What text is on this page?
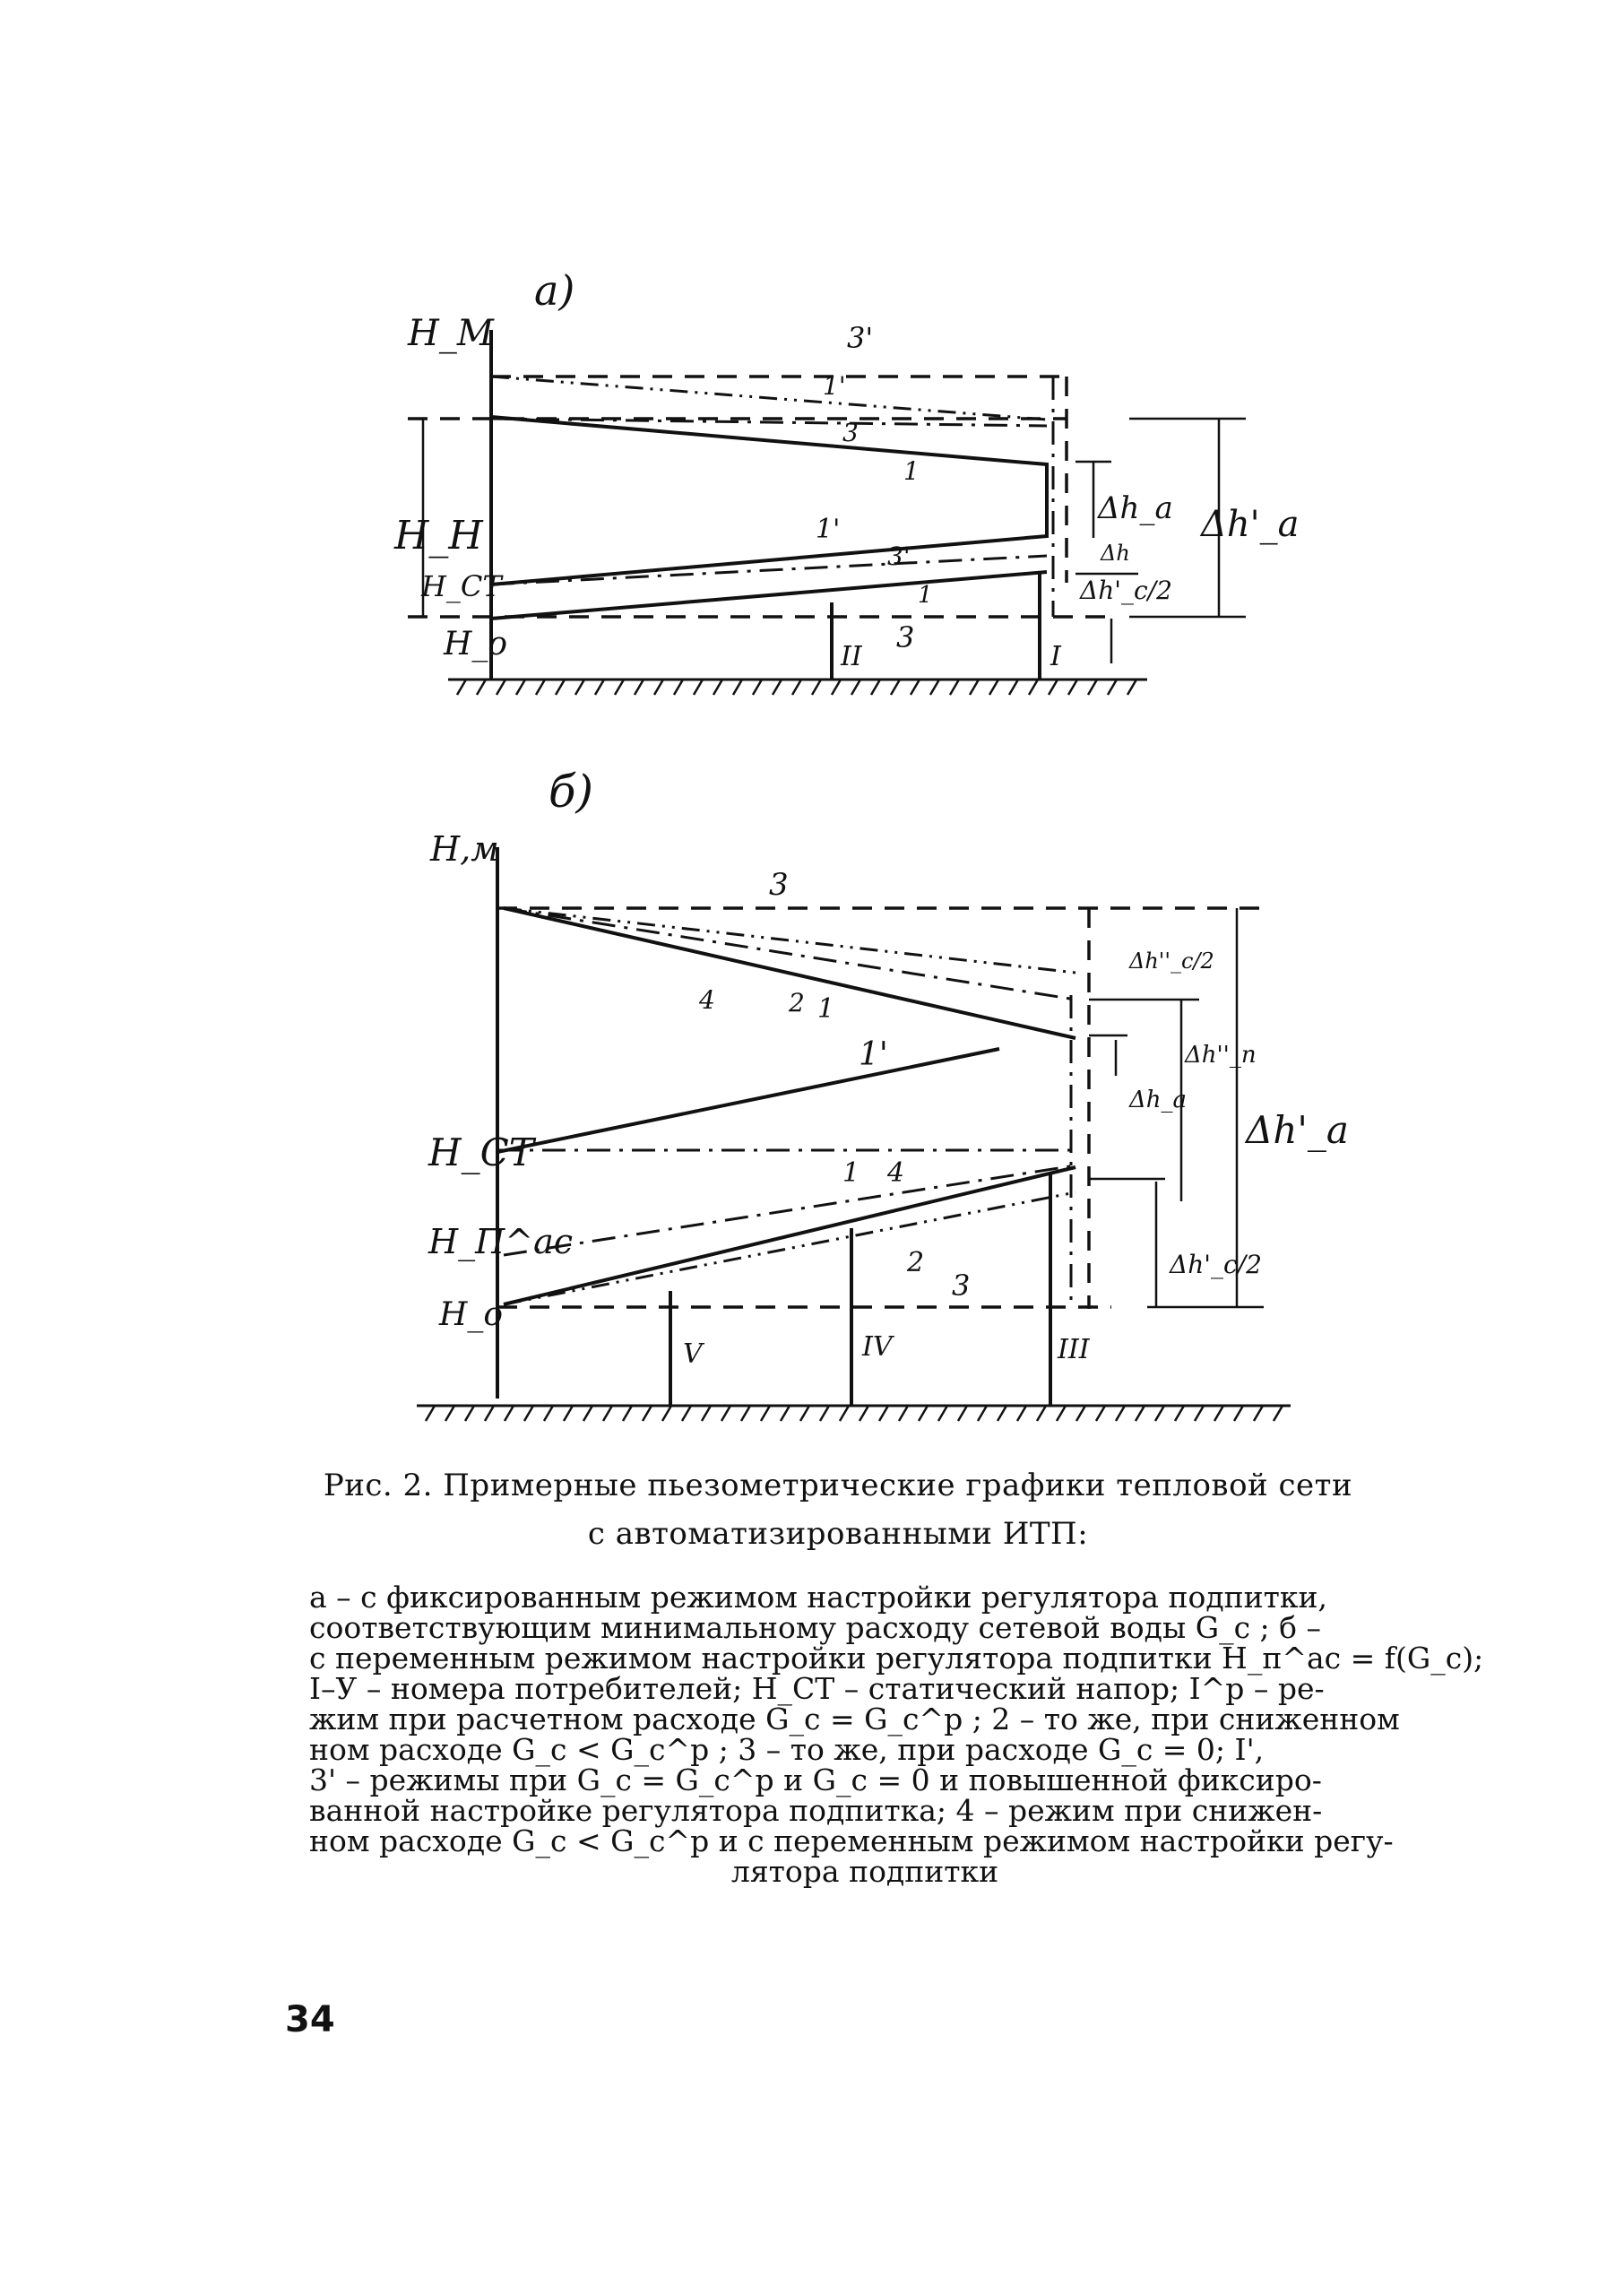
a)
H_M
II	I
H_H
H_CT
H_o
Δh_a
Δh
Δh'_c/2
Δh'_a
3'
1'
3
1
1'
3'
1
3
б)
H,м
V	IV	III
H_CT
H_П^ас
H_o
Δh''_c/2
Δh_a
Δh''_п
Δh'_c/2
Δh'_a
3
4	2 1
1'
1 4
2
3
Рис. 2. Примерные пьезометрические графики тепловой сети
с автоматизированными ИТП:
а – с фиксированным режимом настройки регулятора подпитки,
соответствующим минимальному расходу сетевой воды G_c ; б –
с переменным режимом настройки регулятора подпитки H_п^ас = f(G_c);
I–У – номера потребителей; H_CT – статический напор; I^p – ре-
жим при расчетном расходе G_c = G_c^p ; 2 – то же, при сниженном
ном расходе G_c < G_c^p ; 3 – то же, при расходе G_c = 0; I',
3' – режимы при G_c = G_c^p и G_c = 0 и повышенной фиксиро-
ванной настройке регулятора подпитка; 4 – режим при снижен-
ном расходе G_c < G_c^p и с переменным режимом настройки регу-
лятора подпитки
34
